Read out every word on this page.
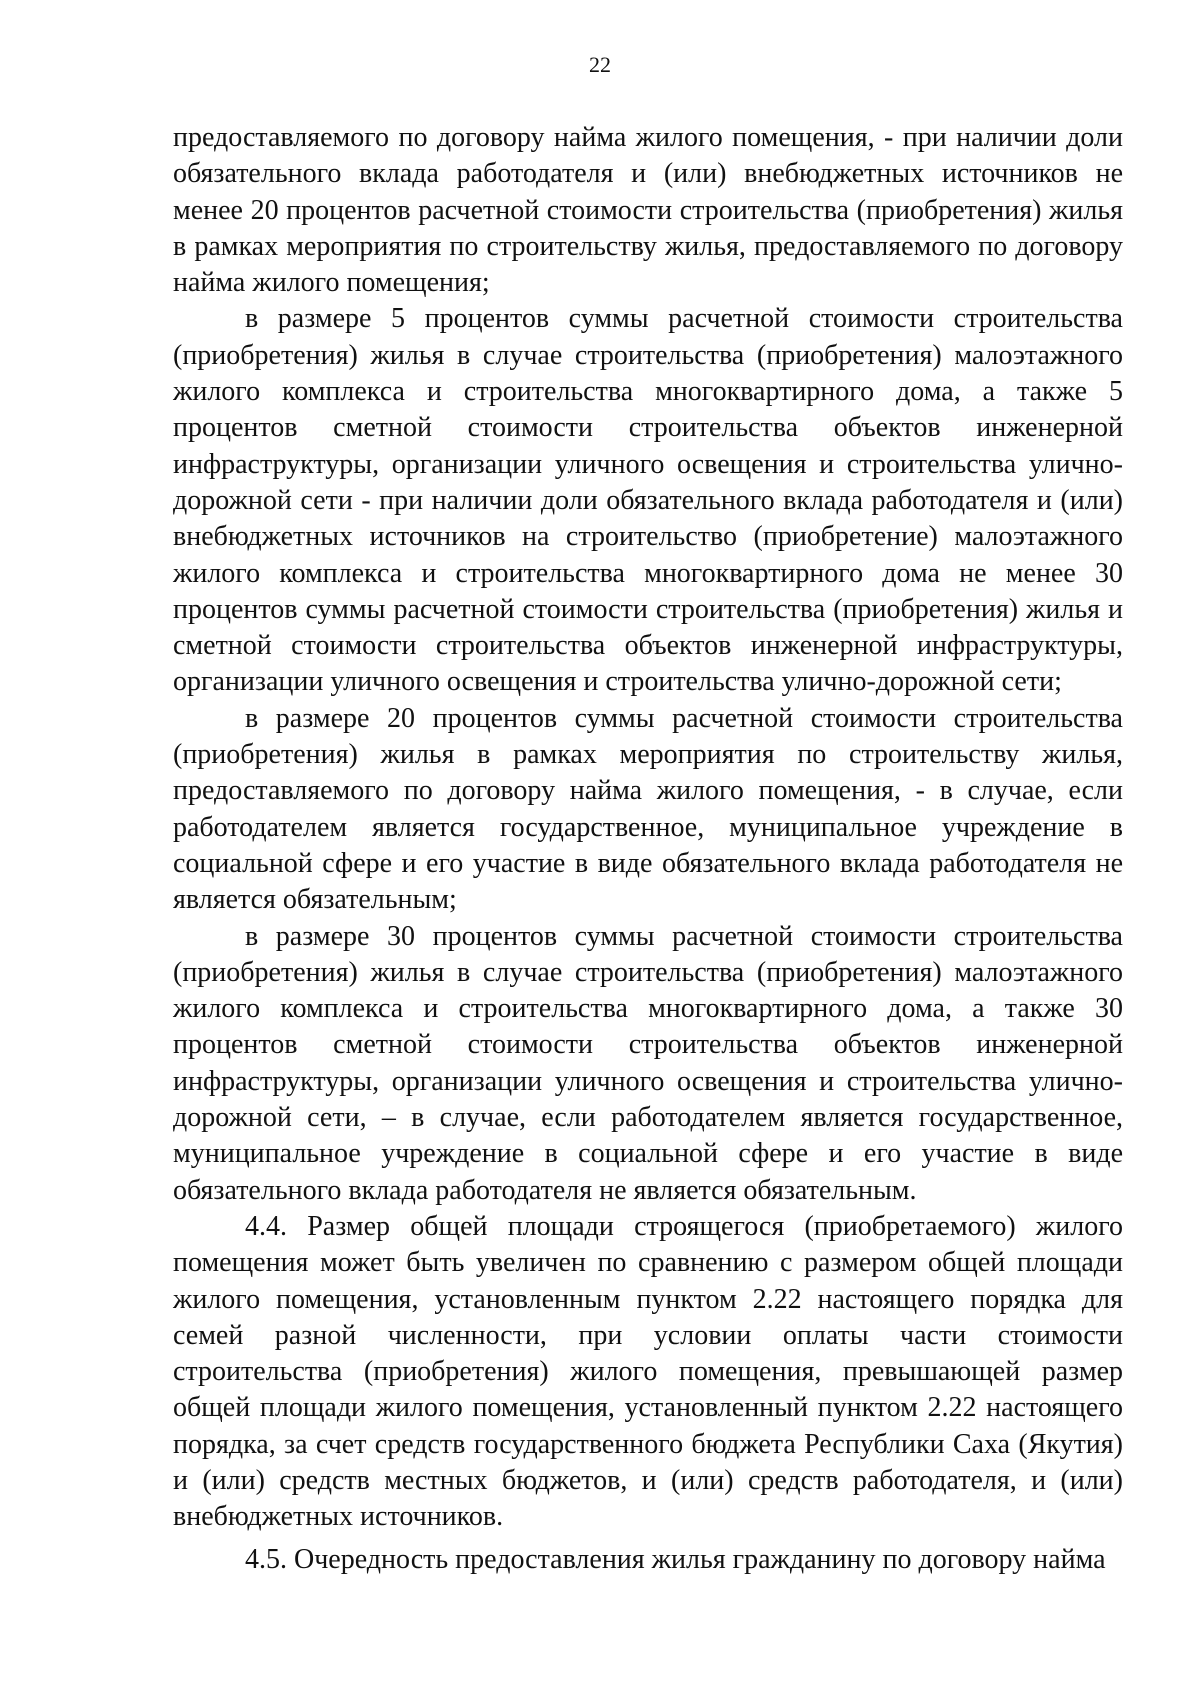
22

предоставляемого по договору найма жилого помещения, - при наличии доли обязательного вклада работодателя и (или) внебюджетных источников не менее 20 процентов расчетной стоимости строительства (приобретения) жилья в рамках мероприятия по строительству жилья, предоставляемого по договору найма жилого помещения;

в размере 5 процентов суммы расчетной стоимости строительства (приобретения) жилья в случае строительства (приобретения) малоэтажного жилого комплекса и строительства многоквартирного дома, а также 5 процентов сметной стоимости строительства объектов инженерной инфраструктуры, организации уличного освещения и строительства улично-дорожной сети - при наличии доли обязательного вклада работодателя и (или) внебюджетных источников на строительство (приобретение) малоэтажного жилого комплекса и строительства многоквартирного дома не менее 30 процентов суммы расчетной стоимости строительства (приобретения) жилья и сметной стоимости строительства объектов инженерной инфраструктуры, организации уличного освещения и строительства улично-дорожной сети;

в размере 20 процентов суммы расчетной стоимости строительства (приобретения) жилья в рамках мероприятия по строительству жилья, предоставляемого по договору найма жилого помещения, - в случае, если работодателем является государственное, муниципальное учреждение в социальной сфере и его участие в виде обязательного вклада работодателя не является обязательным;

в размере 30 процентов суммы расчетной стоимости строительства (приобретения) жилья в случае строительства (приобретения) малоэтажного жилого комплекса и строительства многоквартирного дома, а также 30 процентов сметной стоимости строительства объектов инженерной инфраструктуры, организации уличного освещения и строительства улично-дорожной сети, – в случае, если работодателем является государственное, муниципальное учреждение в социальной сфере и его участие в виде обязательного вклада работодателя не является обязательным.

4.4. Размер общей площади строящегося (приобретаемого) жилого помещения может быть увеличен по сравнению с размером общей площади жилого помещения, установленным пунктом 2.22 настоящего порядка для семей разной численности, при условии оплаты части стоимости строительства (приобретения) жилого помещения, превышающей размер общей площади жилого помещения, установленный пунктом 2.22 настоящего порядка, за счет средств государственного бюджета Республики Саха (Якутия) и (или) средств местных бюджетов, и (или) средств работодателя, и (или) внебюджетных источников.

4.5. Очередность предоставления жилья гражданину по договору найма
